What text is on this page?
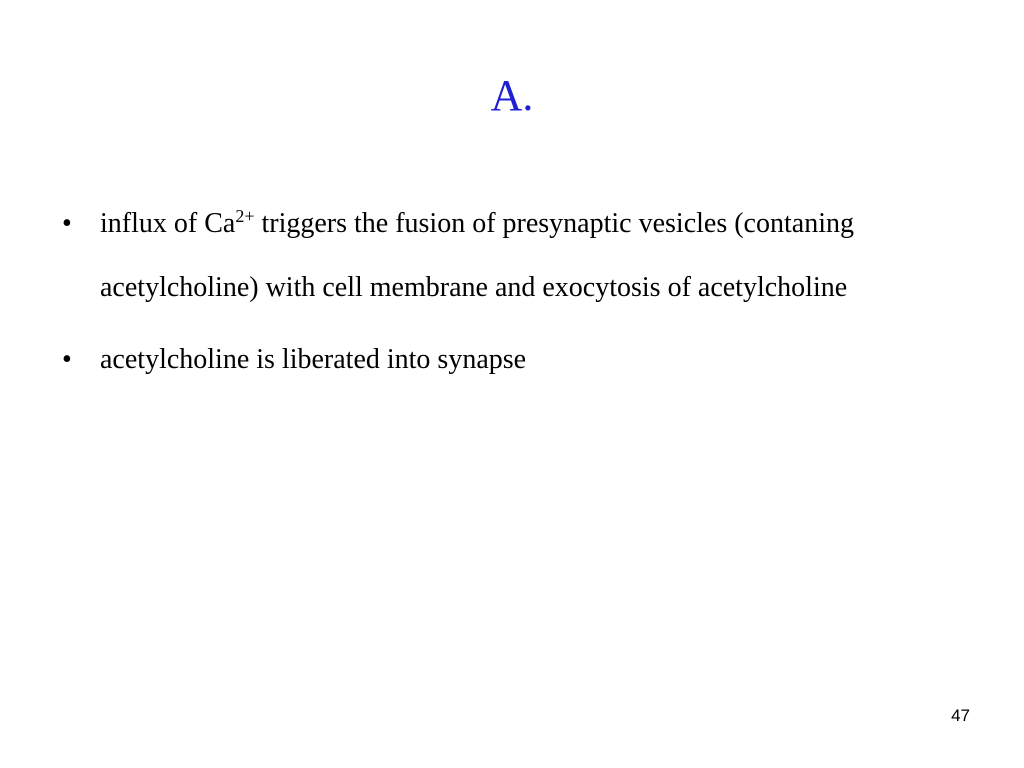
A.
•	influx of $Ca^{2+}$ triggers the fusion of presynaptic vesicles (contaning acetylcholine) with cell membrane and exocytosis of acetylcholine
•	acetylcholine is liberated into synapse
47
